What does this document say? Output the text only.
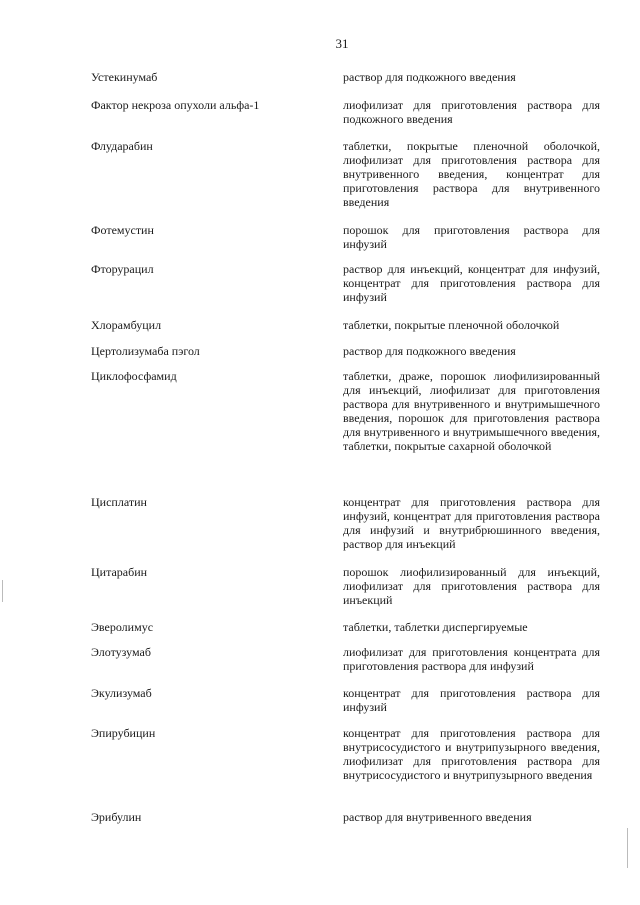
31
Устекинумаб	раствор для подкожного введения
Фактор некроза опухоли альфа-1	лиофилизат для приготовления раствора для подкожного введения
Флударабин	таблетки, покрытые пленочной оболочкой, лиофилизат для приготовления раствора для внутривенного введения, концентрат для приготовления раствора для внутривенного введения
Фотемустин	порошок для приготовления раствора для инфузий
Фторурацил	раствор для инъекций, концентрат для инфузий, концентрат для приготовления раствора для инфузий
Хлорамбуцил	таблетки, покрытые пленочной оболочкой
Цертолизумаба пэгол	раствор для подкожного введения
Циклофосфамид	таблетки, драже, порошок лиофилизированный для инъекций, лиофилизат для приготовления раствора для внутривенного и внутримышечного введения, порошок для приготовления раствора для внутривенного и внутримышечного введения, таблетки, покрытые сахарной оболочкой
Цисплатин	концентрат для приготовления раствора для инфузий, концентрат для приготовления раствора для инфузий и внутрибрюшинного введения, раствор для инъекций
Цитарабин	порошок лиофилизированный для инъекций, лиофилизат для приготовления раствора для инъекций
Эверолимус	таблетки, таблетки диспергируемые
Элотузумаб	лиофилизат для приготовления концентрата для приготовления раствора для инфузий
Экулизумаб	концентрат для приготовления раствора для инфузий
Эпирубицин	концентрат для приготовления раствора для внутрисосудистого и внутрипузырного введения, лиофилизат для приготовления раствора для внутрисосудистого и внутрипузырного введения
Эрибулин	раствор для внутривенного введения
